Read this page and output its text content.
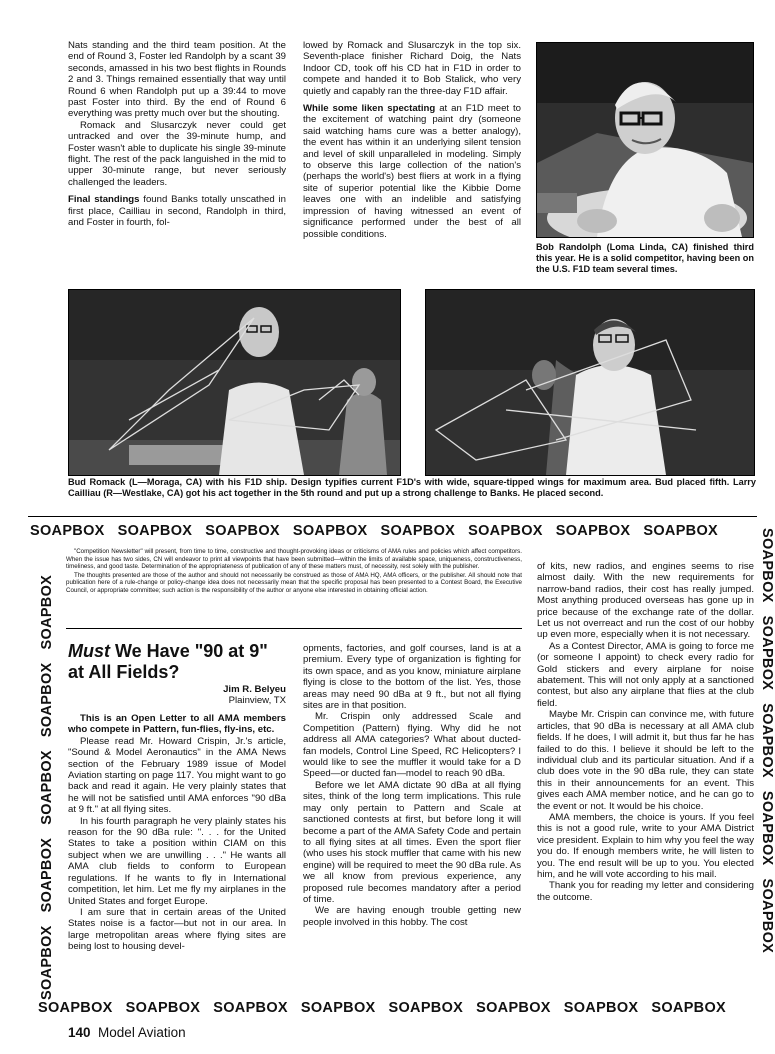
Nats standing and the third team position. At the end of Round 3, Foster led Randolph by a scant 39 seconds, amassed in his two best flights in Rounds 2 and 3. Things remained essentially that way until Round 6 when Randolph put up a 39:44 to move past Foster into third. By the end of Round 6 everything was pretty much over but the shouting.

Romack and Slusarczyk never could get untracked and over the 39-minute hump, and Foster wasn't able to duplicate his single 39-minute flight. The rest of the pack languished in the mid to upper 30-minute range, but never seriously challenged the leaders.

Final standings found Banks totally unscathed in first place, Cailliau in second, Randolph in third, and Foster in fourth, fol-

lowed by Romack and Slusarczyk in the top six. Seventh-place finisher Richard Doig, the Nats Indoor CD, took off his CD hat in F1D in order to compete and handed it to Bob Stalick, who very quietly and capably ran the three-day F1D affair.

While some liken spectating at an F1D meet to the excitement of watching paint dry (someone said watching hams cure was a better analogy), the event has within it an underlying silent tension and level of skill unparalleled in modeling. Simply to observe this large collection of the nation's (perhaps the world's) best fliers at work in a flying site of superior potential like the Kibbie Dome leaves one with an indelible and satisfying impression of having witnessed an event of significance performed under the best of all possible conditions.

Bob Randolph (Loma Linda, CA) finished third this year. He is a solid competitor, having been on the U.S. F1D team several times.
Bud Romack (L—Moraga, CA) with his F1D ship. Design typifies current F1D's with wide, square-tipped wings for maximum area. Bud placed fifth. Larry Cailliau (R—Westlake, CA) got his act together in the 5th round and put up a strong challenge to Banks. He placed second.
SOAPBOX SOAPBOX SOAPBOX SOAPBOX SOAPBOX SOAPBOX SOAPBOX SOAPBOX
SOAPBOX SOAPBOX SOAPBOX SOAPBOX SOAPBOX SOAPBOX SOAPBOX SOAPBOX
SOAPBOX   SOAPBOX   SOAPBOX   SOAPBOX   SOAPBOX
SOAPBOX   SOAPBOX   SOAPBOX   SOAPBOX   SOAPBOX

"Competition Newsletter" will present, from time to time, constructive and thought-provoking ideas or criticisms of AMA rules and policies which affect competitors. When the issue has two sides, CN will endeavor to print all viewpoints that have been submitted—within the limits of available space, uniqueness, constructiveness, timeliness, and good taste. Determination of the appropriateness of publication of any of these matters must, of necessity, rest solely with the publisher.

The thoughts presented are those of the author and should not necessarily be construed as those of AMA HQ, AMA officers, or the publisher. All should note that publication here of a rule-change or policy-change idea does not necessarily mean that the specific proposal has been presented to a Contest Board, the Executive Council, or appropriate committee; such action is the responsibility of the author or anyone else interested in obtaining official action.

Must We Have "90 at 9" at All Fields?
Jim R. Belyeu
Plainview, TX

This is an Open Letter to all AMA members who compete in Pattern, fun-flies, fly-ins, etc.

Please read Mr. Howard Crispin, Jr.'s article, "Sound & Model Aeronautics" in the AMA News section of the February 1989 issue of Model Aviation starting on page 117. You might want to go back and read it again. He very plainly states that he will not be satisfied until AMA enforces "90 dBa at 9 ft." at all flying sites.

In his fourth paragraph he very plainly states his reason for the 90 dBa rule: ". . . for the United States to take a position within CIAM on this subject when we are unwilling . . ." He wants all AMA club fields to conform to European regulations. If he wants to fly in International competition, let him. Let me fly my airplanes in the United States and forget Europe.

I am sure that in certain areas of the United States noise is a factor—but not in our area. In large metropolitan areas where flying sites are being lost to housing devel-

opments, factories, and golf courses, land is at a premium. Every type of organization is fighting for its own space, and as you know, miniature airplane flying is close to the bottom of the list. Yes, those areas may need 90 dBa at 9 ft., but not all flying sites are in that position.

Mr. Crispin only addressed Scale and Competition (Pattern) flying. Why did he not address all AMA categories? What about ducted-fan models, Control Line Speed, RC Helicopters? I would like to see the muffler it would take for a D Speed—or ducted fan—model to reach 90 dBa.

Before we let AMA dictate 90 dBa at all flying sites, think of the long term implications. This rule may only pertain to Pattern and Scale at sanctioned contests at first, but before long it will become a part of the AMA Safety Code and pertain to all flying sites at all times. Even the sport flier (who uses his stock muffler that came with his new engine) will be required to meet the 90 dBa rule. As we all know from previous experience, any proposed rule becomes mandatory after a period of time.

We are having enough trouble getting new people involved in this hobby. The cost

of kits, new radios, and engines seems to rise almost daily. With the new requirements for narrow-band radios, their cost has really jumped. Most anything produced overseas has gone up in price because of the exchange rate of the dollar. Let us not overreact and run the cost of our hobby up even more, especially when it is not necessary.

As a Contest Director, AMA is going to force me (or someone I appoint) to check every radio for Gold stickers and every airplane for noise abatement. This will not only apply at a sanctioned contest, but also any airplane that flies at the club field.

Maybe Mr. Crispin can convince me, with future articles, that 90 dBa is necessary at all AMA club fields. If he does, I will admit it, but thus far he has failed to do this. I believe it should be left to the individual club and its particular situation. And if a club does vote in the 90 dBa rule, they can state this in their announcements for an event. This gives each AMA member notice, and he can go to the event or not. It would be his choice.

AMA members, the choice is yours. If you feel this is not a good rule, write to your AMA District vice president. Explain to him why you feel the way you do. If enough members write, he will listen to you. The end result will be up to you. You elected him, and he will vote according to his mail.

Thank you for reading my letter and considering the outcome.

140 Model Aviation
